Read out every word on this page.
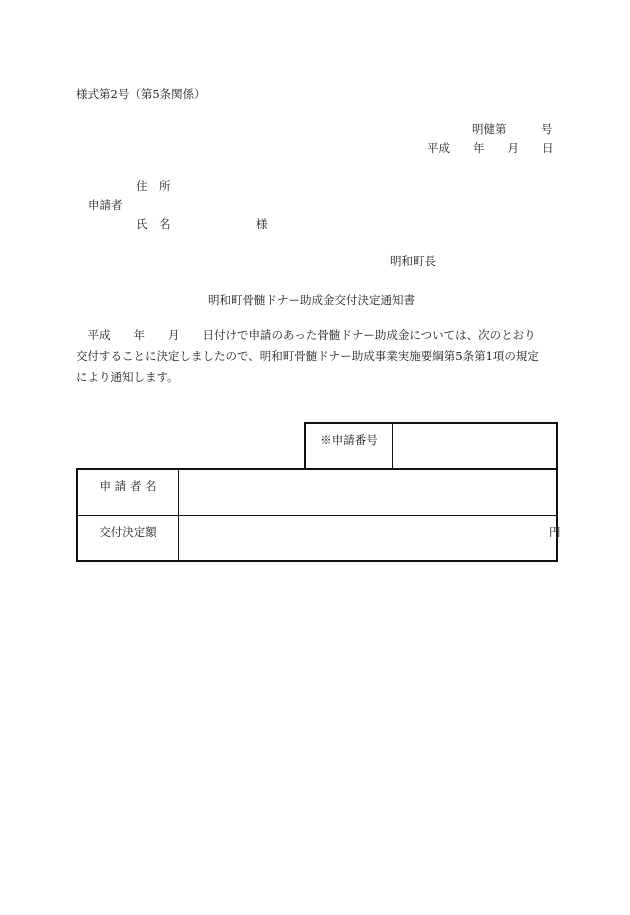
様式第2号（第5条関係）
明健第　　　号
平成　　年　　月　　日
住　所
申請者
氏　名	様
明和町長
明和町骨髄ドナー助成金交付決定通知書
　平成　　年　　月　　日付けで申請のあった骨髄ドナー助成金については、次のとおり
交付することに決定しましたので、明和町骨髄ドナー助成事業実施要綱第5条第1項の規定
により通知します。
※申請番号
申 請 者 名
交付決定額	円
